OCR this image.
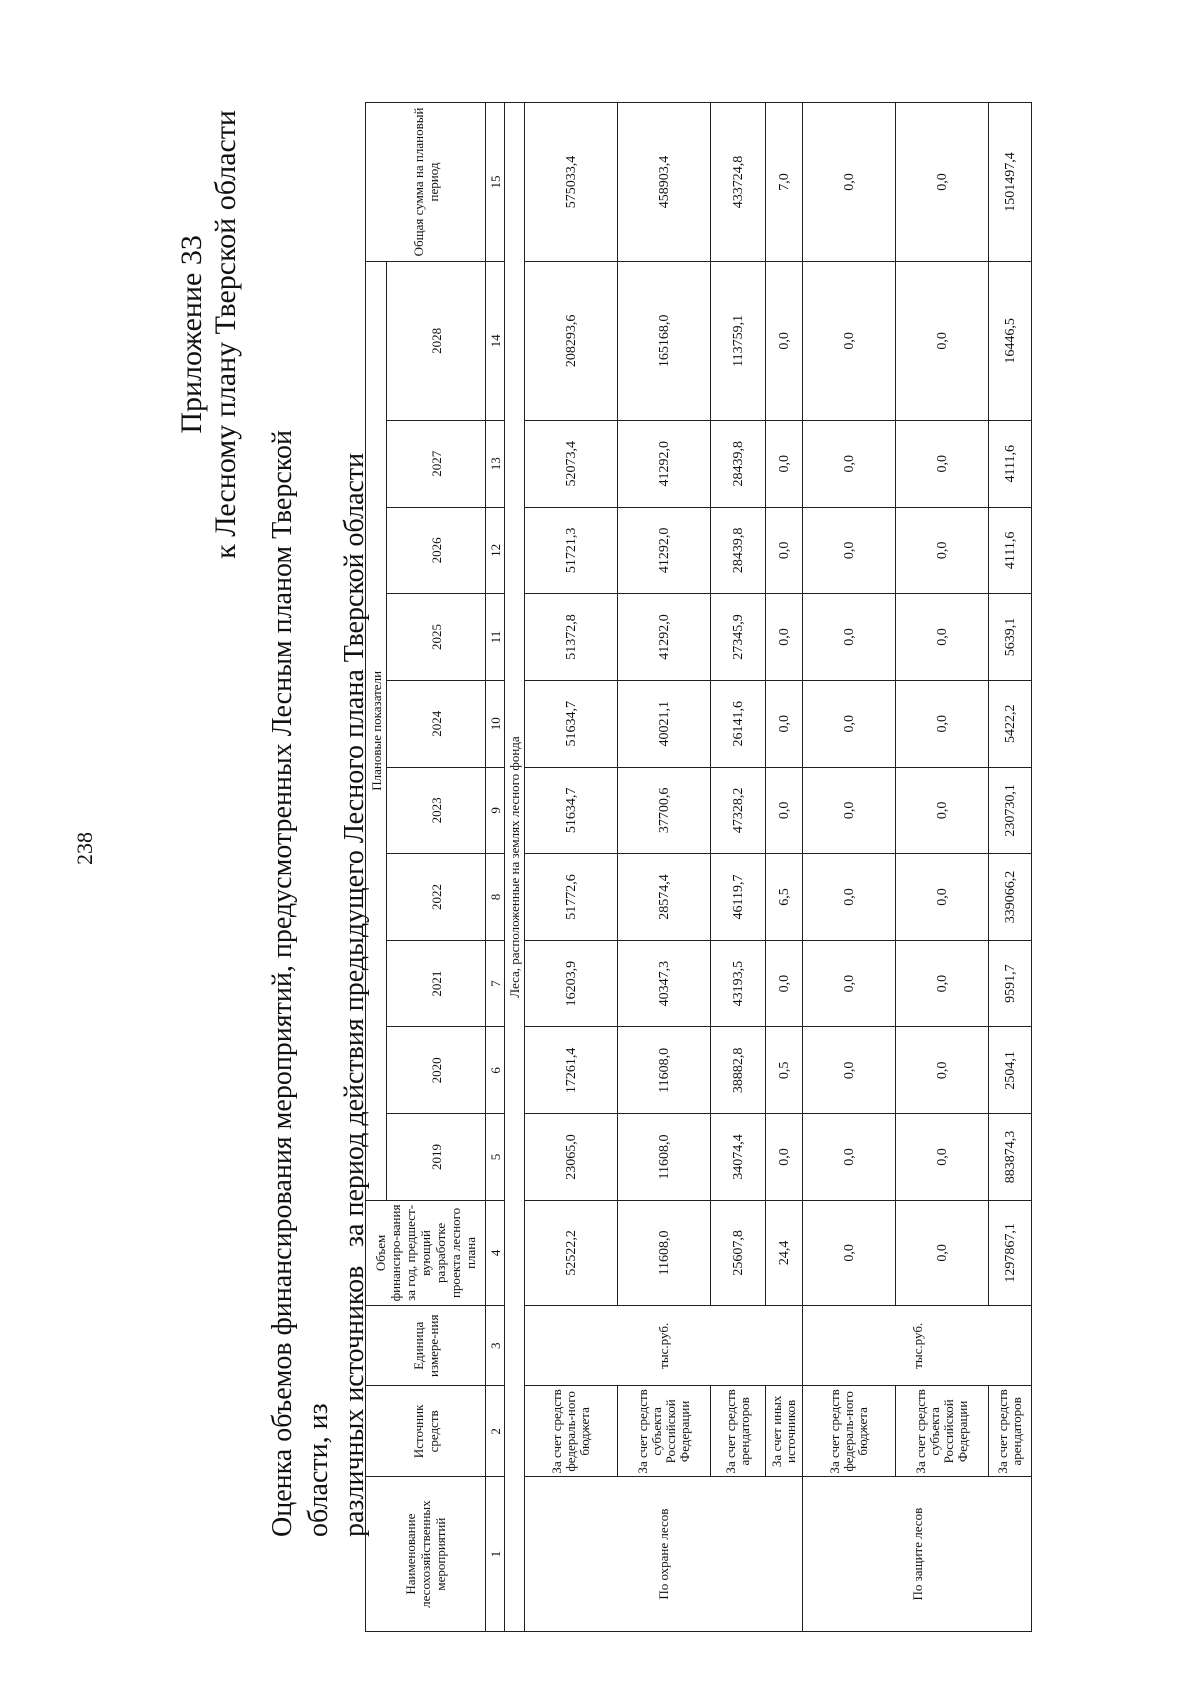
238
Приложение 33 к Лесному плану Тверской области
Оценка объемов финансирования мероприятий, предусмотренных Лесным планом Тверской области, из различных источниковза период действия предыдущего Лесного плана Тверской области
Наименование лесохозяйственных мероприятий	Источник средств	Единица измере-ния	Объем финансиро-вания за год, предшест-вующий разработке проекта лесного плана	Плановые показатели										Общая сумма на плановый период
				2019	2020	2021	2022	2023	2024	2025	2026	2027	2028	
1	2	3	4	5	6	7	8	9	10	11	12	13	14	15
Леса, расположенные на землях лесного фонда														
По охране лесов	За счет средств федераль-ного бюджета	тыс.руб.	52522,2	23065,0	17261,4	16203,9	51772,6	51634,7	51634,7	51372,8	51721,3	52073,4	208293,6	575033,4
	За счет средств субъекта Российской Федерации		11608,0	11608,0	11608,0	40347,3	28574,4	37700,6	40021,1	41292,0	41292,0	41292,0	165168,0	458903,4
	За счет средств арендаторов		25607,8	34074,4	38882,8	43193,5	46119,7	47328,2	26141,6	27345,9	28439,8	28439,8	113759,1	433724,8
	За счет иных источников		24,4	0,0	0,5	0,0	6,5	0,0	0,0	0,0	0,0	0,0	0,0	7,0
По защите лесов	За счет средств федераль-ного бюджета	тыс.руб.	0,0	0,0	0,0	0,0	0,0	0,0	0,0	0,0	0,0	0,0	0,0	0,0
	За счет средств субъекта Российской Федерации		0,0	0,0	0,0	0,0	0,0	0,0	0,0	0,0	0,0	0,0	0,0	0,0
	За счет средств арендаторов		1297867,1	883874,3	2504,1	9591,7	339066,2	230730,1	5422,2	5639,1	4111,6	4111,6	16446,5	1501497,4
